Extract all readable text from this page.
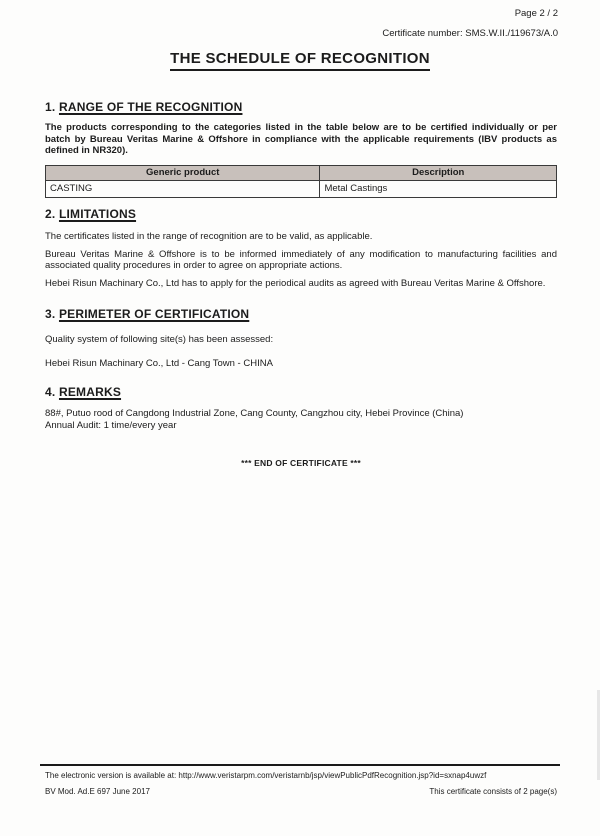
Page 2 / 2
Certificate number: SMS.W.II./119673/A.0
THE SCHEDULE OF RECOGNITION
1. RANGE OF THE RECOGNITION
The products corresponding to the categories listed in the table below are to be certified individually or per batch by Bureau Veritas Marine & Offshore in compliance with the applicable requirements (IBV products as defined in NR320).
Generic product	Description
CASTING	Metal Castings
2. LIMITATIONS
The certificates listed in the range of recognition are to be valid, as applicable.
Bureau Veritas Marine & Offshore is to be informed immediately of any modification to manufacturing facilities and associated quality procedures in order to agree on appropriate actions.
Hebei Risun Machinary Co., Ltd has to apply for the periodical audits as agreed with Bureau Veritas Marine & Offshore.
3. PERIMETER OF CERTIFICATION
Quality system of following site(s) has been assessed:
Hebei Risun Machinary Co., Ltd - Cang Town - CHINA
4. REMARKS
88#, Putuo rood of Cangdong Industrial Zone, Cang County, Cangzhou city, Hebei Province (China)
Annual Audit: 1 time/every year
*** END OF CERTIFICATE ***
The electronic version is available at: http://www.veristarpm.com/veristarnb/jsp/viewPublicPdfRecognition.jsp?id=sxnap4uwzf
BV Mod. Ad.E 697 June 2017	This certificate consists of 2 page(s)
